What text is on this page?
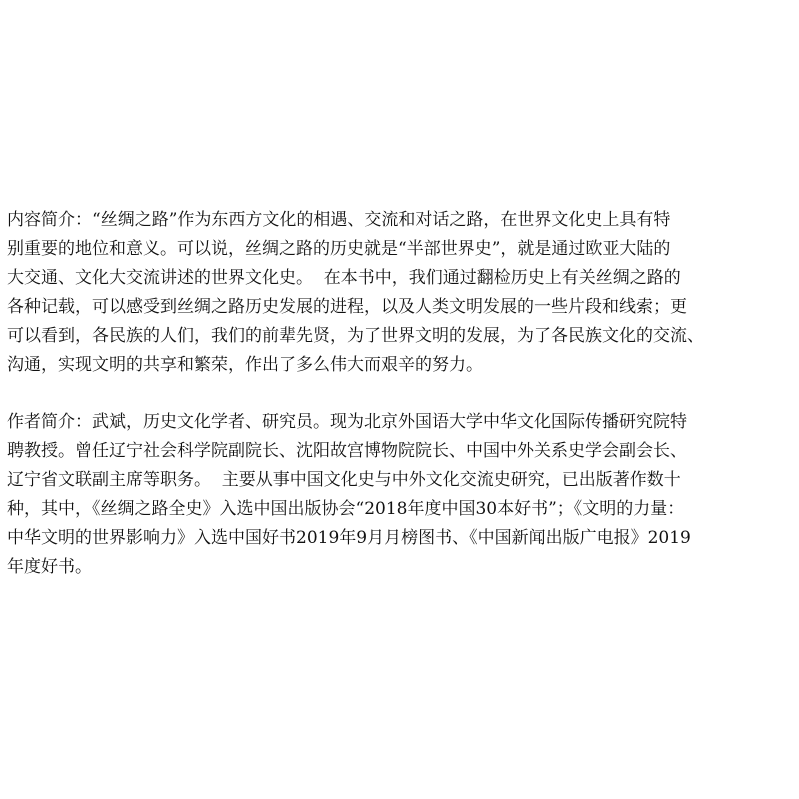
内容简介：“丝绸之路”作为东西方文化的相遇、交流和对话之路，在世界文化史上具有特
别重要的地位和意义。可以说，丝绸之路的历史就是“半部世界史”，就是通过欧亚大陆的
大交通、文化大交流讲述的世界文化史。  在本书中，我们通过翻检历史上有关丝绸之路的
各种记载，可以感受到丝绸之路历史发展的进程，以及人类文明发展的一些片段和线索；更
可以看到，各民族的人们，我们的前辈先贤，为了世界文明的发展，为了各民族文化的交流、
沟通，实现文明的共享和繁荣，作出了多么伟大而艰辛的努力。
作者简介：武斌，历史文化学者、研究员。现为北京外国语大学中华文化国际传播研究院特
聘教授。曾任辽宁社会科学院副院长、沈阳故宫博物院院长、中国中外关系史学会副会长、
辽宁省文联副主席等职务。  主要从事中国文化史与中外文化交流史研究，已出版著作数十
种，其中，《丝绸之路全史》入选中国出版协会“2018年度中国30本好书”；《文明的力量：
中华文明的世界影响力》入选中国好书2019年9月月榜图书、《中国新闻出版广电报》2019
年度好书。
